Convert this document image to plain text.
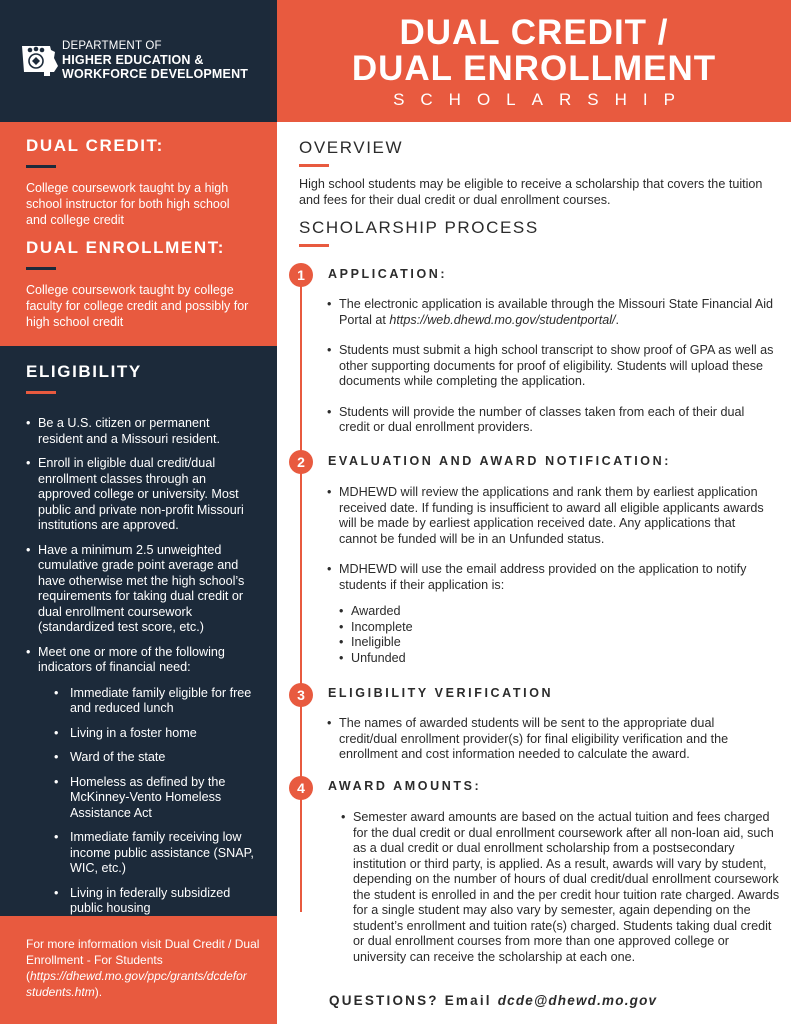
DEPARTMENT OF
HIGHER EDUCATION &
WORKFORCE DEVELOPMENT
DUAL CREDIT:

College coursework taught by a high school instructor for both high school and college credit

DUAL ENROLLMENT:

College coursework taught by college faculty for college credit and possibly for high school credit

ELIGIBILITY
• Be a U.S. citizen or permanent resident and a Missouri resident.
• Enroll in eligible dual credit/dual enrollment classes through an approved college or university. Most public and private non-profit Missouri institutions are approved.
• Have a minimum 2.5 unweighted cumulative grade point average and have otherwise met the high school’s requirements for taking dual credit or dual enrollment coursework (standardized test score, etc.)
• Meet one or more of the following indicators of financial need:
• Immediate family eligible for free and reduced lunch
• Living in a foster home
• Ward of the state
• Homeless as defined by the McKinney-Vento Homeless Assistance Act
• Immediate family receiving low income public assistance (SNAP, WIC, etc.)
• Living in federally subsidized public housing
For more information visit Dual Credit / Dual Enrollment - For Students (https://dhewd.mo.gov/ppc/grants/dcdefor students.htm).
DUAL CREDIT /
DUAL ENROLLMENT
SCHOLARSHIP
OVERVIEW
High school students may be eligible to receive a scholarship that covers the tuition and fees for their dual credit or dual enrollment courses.
SCHOLARSHIP PROCESS
1	APPLICATION:
• The electronic application is available through the Missouri State Financial Aid Portal at https://web.dhewd.mo.gov/studentportal/.
• Students must submit a high school transcript to show proof of GPA as well as other supporting documents for proof of eligibility. Students will upload these documents while completing the application.
• Students will provide the number of classes taken from each of their dual credit or dual enrollment providers.
2	EVALUATION AND AWARD NOTIFICATION:
• MDHEWD will review the applications and rank them by earliest application received date. If funding is insufficient to award all eligible applicants awards will be made by earliest application received date. Any applications that cannot be funded will be in an Unfunded status.
• MDHEWD will use the email address provided on the application to notify students if their application is:
• Awarded
• Incomplete
• Ineligible
• Unfunded
3	ELIGIBILITY VERIFICATION
• The names of awarded students will be sent to the appropriate dual credit/dual enrollment provider(s) for final eligibility verification and the enrollment and cost information needed to calculate the award.
4	AWARD AMOUNTS:
• Semester award amounts are based on the actual tuition and fees charged for the dual credit or dual enrollment coursework after all non-loan aid, such as a dual credit or dual enrollment scholarship from a postsecondary institution or third party, is applied. As a result, awards will vary by student, depending on the number of hours of dual credit/dual enrollment coursework the student is enrolled in and the per credit hour tuition rate charged. Awards for a single student may also vary by semester, again depending on the student’s enrollment and tuition rate(s) charged. Students taking dual credit or dual enrollment courses from more than one approved college or university can receive the scholarship at each one.
QUESTIONS? Email dcde@dhewd.mo.gov
